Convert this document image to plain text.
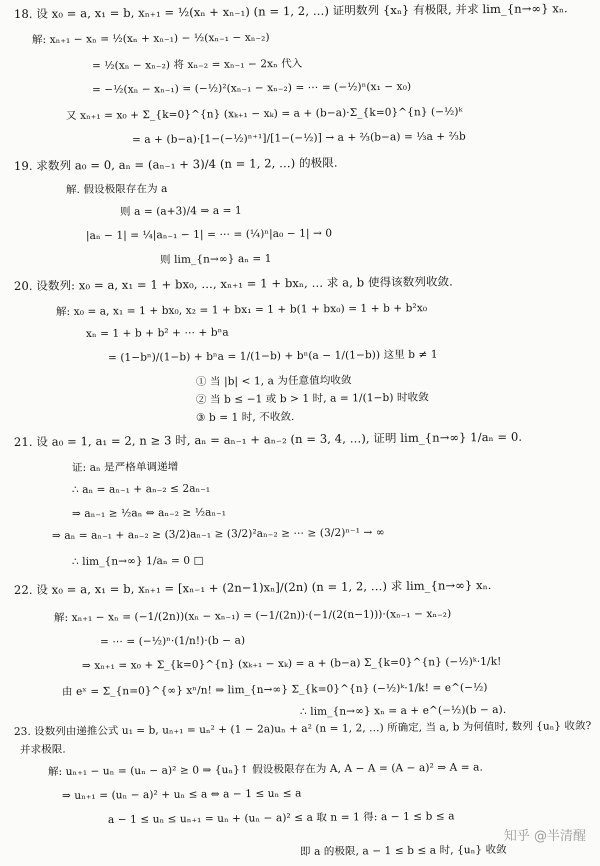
18. 设 x₀ = a, x₁ = b, xₙ₊₁ = ½(xₙ + xₙ₋₁) (n = 1, 2, …) 证明数列 {xₙ} 有极限, 并求 lim_{n→∞} xₙ.
解: xₙ₊₁ − xₙ = ½(xₙ + xₙ₋₁) − ½(xₙ₋₁ − xₙ₋₂)
= ½(xₙ − xₙ₋₂) 将 xₙ₋₂ = xₙ₋₁ − 2xₙ 代入
= −½(xₙ − xₙ₋₁) = (−½)²(xₙ₋₁ − xₙ₋₂) = ⋯ = (−½)ⁿ(x₁ − x₀)
又 xₙ₊₁ = x₀ + Σ_{k=0}^{n} (xₖ₊₁ − xₖ) = a + (b−a)·Σ_{k=0}^{n} (−½)ᵏ
= a + (b−a)·[1−(−½)ⁿ⁺¹]/[1−(−½)] → a + ⅔(b−a) = ⅓a + ⅔b
19. 求数列 a₀ = 0, aₙ = (aₙ₋₁ + 3)/4 (n = 1, 2, …) 的极限.
解. 假设极限存在为 a
则 a = (a+3)/4 ⇒ a = 1
|aₙ − 1| = ¼|aₙ₋₁ − 1| = ⋯ = (¼)ⁿ|a₀ − 1| → 0
则 lim_{n→∞} aₙ = 1
20. 设数列: x₀ = a, x₁ = 1 + bx₀, …, xₙ₊₁ = 1 + bxₙ, … 求 a, b 使得该数列收敛.
解: x₀ = a, x₁ = 1 + bx₀, x₂ = 1 + bx₁ = 1 + b(1 + bx₀) = 1 + b + b²x₀
xₙ = 1 + b + b² + ⋯ + bⁿa
= (1−bⁿ)/(1−b) + bⁿa = 1/(1−b) + bⁿ(a − 1/(1−b)) 这里 b ≠ 1
① 当 |b| < 1, a 为任意值均收敛
② 当 b ≤ −1 或 b > 1 时, a = 1/(1−b) 时收敛
③ b = 1 时, 不收敛.
21. 设 a₀ = 1, a₁ = 2, n ≥ 3 时, aₙ = aₙ₋₁ + aₙ₋₂ (n = 3, 4, …), 证明 lim_{n→∞} 1/aₙ = 0.
证: aₙ 是严格单调递增
∴ aₙ = aₙ₋₁ + aₙ₋₂ ≤ 2aₙ₋₁
⇒ aₙ₋₁ ≥ ½aₙ ⇔ aₙ₋₂ ≥ ½aₙ₋₁
⇒ aₙ = aₙ₋₁ + aₙ₋₂ ≥ (3/2)aₙ₋₁ ≥ (3/2)²aₙ₋₂ ≥ ⋯ ≥ (3/2)ⁿ⁻¹ → ∞
∴ lim_{n→∞} 1/aₙ = 0 □
22. 设 x₀ = a, x₁ = b, xₙ₊₁ = [xₙ₋₁ + (2n−1)xₙ]/(2n) (n = 1, 2, …) 求 lim_{n→∞} xₙ.
解: xₙ₊₁ − xₙ = (−1/(2n))(xₙ − xₙ₋₁) = (−1/(2n))·(−1/(2(n−1)))·(xₙ₋₁ − xₙ₋₂)
= ⋯ = (−½)ⁿ·(1/n!)·(b − a)
⇒ xₙ₊₁ = x₀ + Σ_{k=0}^{n} (xₖ₊₁ − xₖ) = a + (b−a) Σ_{k=0}^{n} (−½)ᵏ·1/k!
由 eˣ = Σ_{n=0}^{∞} xⁿ/n! ⇒ lim_{n→∞} Σ_{k=0}^{n} (−½)ᵏ·1/k! = e^(−½)
∴ lim_{n→∞} xₙ = a + e^(−½)(b − a).
23. 设数列由递推公式 u₁ = b, uₙ₊₁ = uₙ² + (1 − 2a)uₙ + a² (n = 1, 2, …) 所确定, 当 a, b 为何值时, 数列 {uₙ} 收敛?
并求极限.
解: uₙ₊₁ − uₙ = (uₙ − a)² ≥ 0 ⇒ {uₙ}↑ 假设极限存在为 A, A − A = (A − a)² ⇒ A = a.
⇒ uₙ₊₁ = (uₙ − a)² + uₙ ≤ a ⇔ a − 1 ≤ uₙ ≤ a
a − 1 ≤ uₙ ≤ uₙ₊₁ = uₙ + (uₙ − a)² ≤ a 取 n = 1 得: a − 1 ≤ b ≤ a
即 a 的极限, a − 1 ≤ b ≤ a 时, {uₙ} 收敛
知乎 @半清醒
